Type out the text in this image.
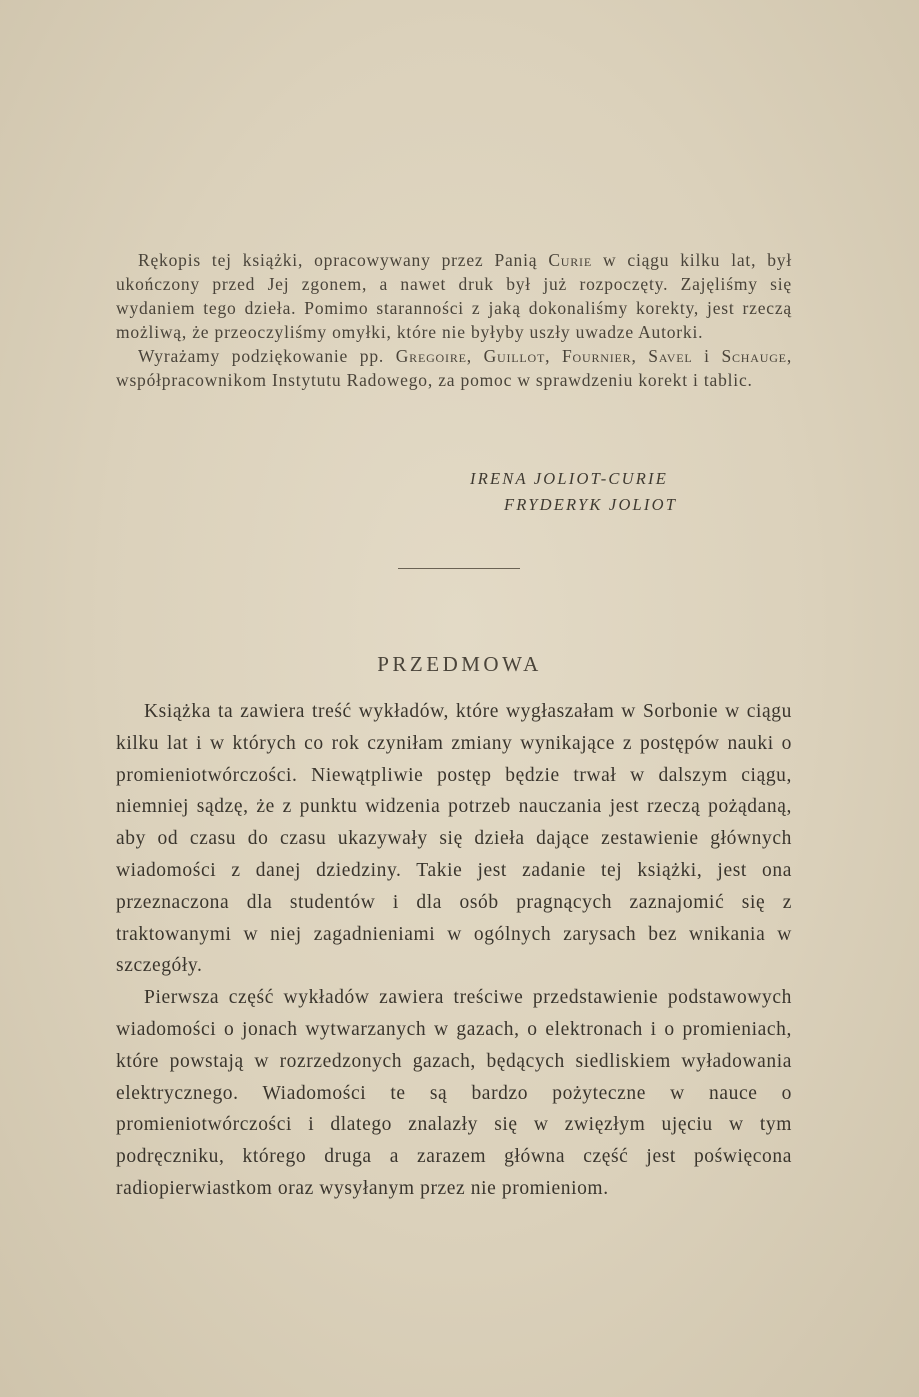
Rękopis tej książki, opracowywany przez Panią Curie w ciągu kilku lat, był ukończony przed Jej zgonem, a nawet druk był już rozpoczęty. Zajęliśmy się wydaniem tego dzieła. Pomimo staranności z jaką dokonaliśmy korekty, jest rzeczą możliwą, że przeoczyliśmy omyłki, które nie byłyby uszły uwadze Autorki.

Wyrażamy podziękowanie pp. Gregoire, Guillot, Fournier, Savel i Schauge, współpracownikom Instytutu Radowego, za pomoc w sprawdzeniu korekt i tablic.

IRENA JOLIOT-CURIE
FRYDERYK JOLIOT
PRZEDMOWA

Książka ta zawiera treść wykładów, które wygłaszałam w Sorbonie w ciągu kilku lat i w których co rok czyniłam zmiany wynikające z postępów nauki o promieniotwórczości. Niewątpliwie postęp będzie trwał w dalszym ciągu, niemniej sądzę, że z punktu widzenia potrzeb nauczania jest rzeczą pożądaną, aby od czasu do czasu ukazywały się dzieła dające zestawienie głównych wiadomości z danej dziedziny. Takie jest zadanie tej książki, jest ona przeznaczona dla studentów i dla osób pragnących zaznajomić się z traktowanymi w niej zagadnieniami w ogólnych zarysach bez wnikania w szczegóły.

Pierwsza część wykładów zawiera treściwe przedstawienie podstawowych wiadomości o jonach wytwarzanych w gazach, o elektronach i o promieniach, które powstają w rozrzedzonych gazach, będących siedliskiem wyładowania elektrycznego. Wiadomości te są bardzo pożyteczne w nauce o promieniotwórczości i dlatego znalazły się w zwięzłym ujęciu w tym podręczniku, którego druga a zarazem główna część jest poświęcona radiopierwiastkom oraz wysyłanym przez nie promieniom.
